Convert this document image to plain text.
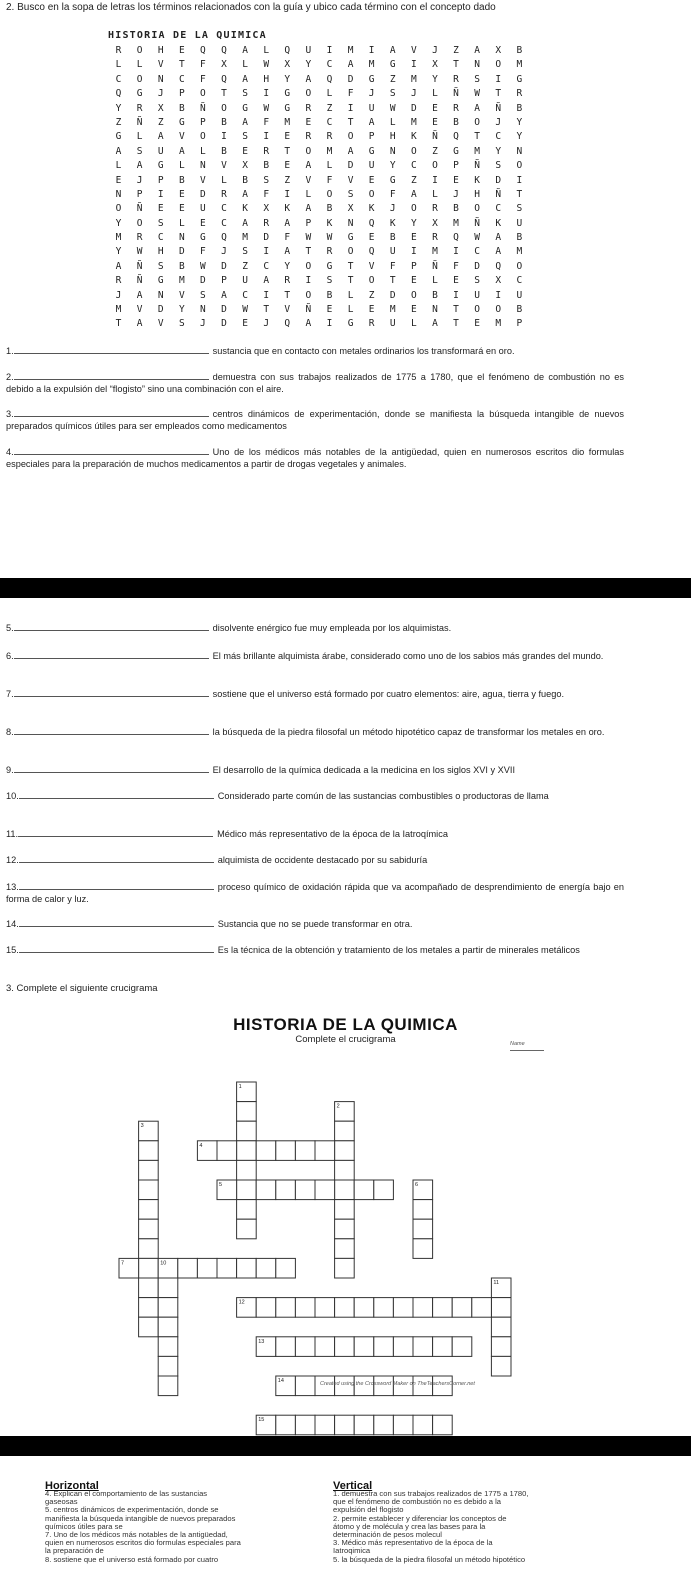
2. Busco en la sopa de letras los términos relacionados con la guía y ubico cada término con el concepto dado
HISTORIA DE LA QUIMICA
R	O	H	E	Q	Q	A	L	Q	U	I	M	I	A	V	J	Z	A	X	B
L	L	V	T	F	X	L	W	X	Y	C	A	M	G	I	X	T	N	O	M
C	O	N	C	F	Q	A	H	Y	A	Q	D	G	Z	M	Y	R	S	I	G
Q	G	J	P	O	T	S	I	G	O	L	F	J	S	J	L	Ñ	W	T	R
Y	R	X	B	Ñ	O	G	W	G	R	Z	I	U	W	D	E	R	A	Ñ	B
Z	Ñ	Z	G	P	B	A	F	M	E	C	T	A	L	M	E	B	O	J	Y
G	L	A	V	O	I	S	I	E	R	R	O	P	H	K	Ñ	Q	T	C	Y
A	S	U	A	L	B	E	R	T	O	M	A	G	N	O	Z	G	M	Y	N
L	A	G	L	N	V	X	B	E	A	L	D	U	Y	C	O	P	Ñ	S	O
E	J	P	B	V	L	B	S	Z	V	F	V	E	G	Z	I	E	K	D	I
N	P	I	E	D	R	A	F	I	L	O	S	O	F	A	L	J	H	Ñ	T
O	Ñ	E	E	U	C	K	X	K	A	B	X	K	J	O	R	B	O	C	S
Y	O	S	L	E	C	A	R	A	P	K	N	Q	K	Y	X	M	Ñ	K	U
M	R	C	N	G	Q	M	D	F	W	W	G	E	B	E	R	Q	W	A	B
Y	W	H	D	F	J	S	I	A	T	R	O	Q	U	I	M	I	C	A	M
A	Ñ	S	B	W	D	Z	C	Y	O	G	T	V	F	P	Ñ	F	D	Q	O
R	Ñ	G	M	D	P	U	A	R	I	S	T	O	T	E	L	E	S	X	C
J	A	N	V	S	A	C	I	T	O	B	L	Z	D	O	B	I	U	I	U
M	V	D	Y	N	D	W	T	V	Ñ	E	L	E	M	E	N	T	O	O	B
T	A	V	S	J	D	E	J	Q	A	I	G	R	U	L	A	T	E	M	P
1.	sustancia que en contacto con metales ordinarios los transformará en oro.
2.	demuestra con sus trabajos realizados de 1775 a 1780, que el fenómeno de combustión no es debido a la expulsión del “flogisto” sino una combinación con el aire.
3.	centros dinámicos de experimentación, donde se manifiesta la búsqueda intangible de nuevos preparados químicos útiles para ser empleados como medicamentos
4.	Uno de los médicos más notables de la antigüedad, quien en numerosos escritos dio formulas especiales para la preparación de muchos medicamentos a partir de drogas vegetales y animales.
5.	disolvente enérgico fue muy empleada por los alquimistas.
6.	El más brillante alquimista árabe, considerado como uno de los sabios más grandes del mundo.
7.	sostiene que el universo está formado por cuatro elementos: aire, agua, tierra y fuego.
8.	la búsqueda de la piedra filosofal un método hipotético capaz de transformar los metales en oro.
9.	El desarrollo de la química dedicada a la medicina en los siglos XVI y XVII
10.	Considerado parte común de las sustancias combustibles o productoras de llama
11.	Médico más representativo de la época de la Iatroqímica
12.	alquimista de occidente destacado por su sabiduría
13.	proceso químico de oxidación rápida que va acompañado de desprendimiento de energía bajo en forma de calor y luz.
14.	Sustancia que no se puede transformar en otra.
15.	Es la técnica de la obtención y tratamiento de los metales a partir de minerales metálicos
3. Complete el siguiente crucigrama
HISTORIA DE LA QUIMICA
Complete el crucigrama	Name
1
2
3
4
5	6
7	10
11
12
13
14
15
Created using the Crossword Maker on TheTeachersCorner.net
Horizontal
4. Explican el comportamiento de las sustancias
gaseosas
5. centros dinámicos de experimentación, donde se
manifiesta la búsqueda intangible de nuevos preparados
químicos útiles para se
7. Uno de los médicos más notables de la antigüedad,
quien en numerosos escritos dio formulas especiales para
la preparación de
8. sostiene que el universo está formado por cuatro
Vertical
1. demuestra con sus trabajos realizados de 1775 a 1780,
que el fenómeno de combustión no es debido a la
expulsión del flogisto
2. permite establecer y diferenciar los conceptos de
átomo y de molécula y crea las bases para la
determinación de pesos molecul
3. Médico más representativo de la época de la
Iatroqimica
5. la búsqueda de la piedra filosofal un método hipotético
